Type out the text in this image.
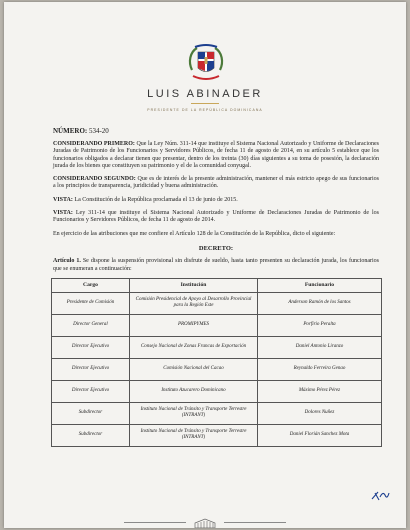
LUIS ABINADER
PRESIDENTE DE LA REPÚBLICA DOMINICANA
NÚMERO: 534-20

CONSIDERANDO PRIMERO: Que la Ley Núm. 311-14 que instituye el Sistema Nacional Autorizado y Uniforme de Declaraciones Juradas de Patrimonio de los Funcionarios y Servidores Públicos, de fecha 11 de agosto de 2014, en su artículo 5 establece que los funcionarios obligados a declarar tienen que presentar, dentro de los treinta (30) días siguientes a su toma de posesión, la declaración jurada de los bienes que constituyen su patrimonio y el de la comunidad conyugal.

CONSIDERANDO SEGUNDO: Que es de interés de la presente administración, mantener el más estricto apego de sus funcionarios a los principios de transparencia, juridicidad y buena administración.

VISTA: La Constitución de la República proclamada el 13 de junio de 2015.

VISTA: Ley 311-14 que instituye el Sistema Nacional Autorizado y Uniforme de Declaraciones Juradas de Patrimonio de los Funcionarios y Servidores Públicos, de fecha 11 de agosto de 2014.

En ejercicio de las atribuciones que me confiere el Artículo 128 de la Constitución de la República, dicto el siguiente:

DECRETO:

Artículo 1. Se dispone la suspensión provisional sin disfrute de sueldo, hasta tanto presenten su declaración jurada, los funcionarios que se enumeran a continuación:

Cargo	Institución	Funcionario
Presidente de Comisión	Comisión Presidencial de Apoyo al Desarrollo Provincial para la Región Este	Anderson Ramón de los Santos
Director General	PROMIPYMES	Porfirio Peralta
Director Ejecutivo	Consejo Nacional de Zonas Francas de Exportación	Daniel Antonio Liranzo
Director Ejecutivo	Comisión Nacional del Cacao	Reynaldo Ferreira Genao
Director Ejecutivo	Instituto Azucarero Dominicano	Máximo Pérez Pérez
Subdirector	Instituto Nacional de Tránsito y Transporte Terrestre (INTRANT)	Dolores Nuñez
Subdirector	Instituto Nacional de Tránsito y Transporte Terrestre (INTRANT)	Daniel Florián Sanchez Mota
